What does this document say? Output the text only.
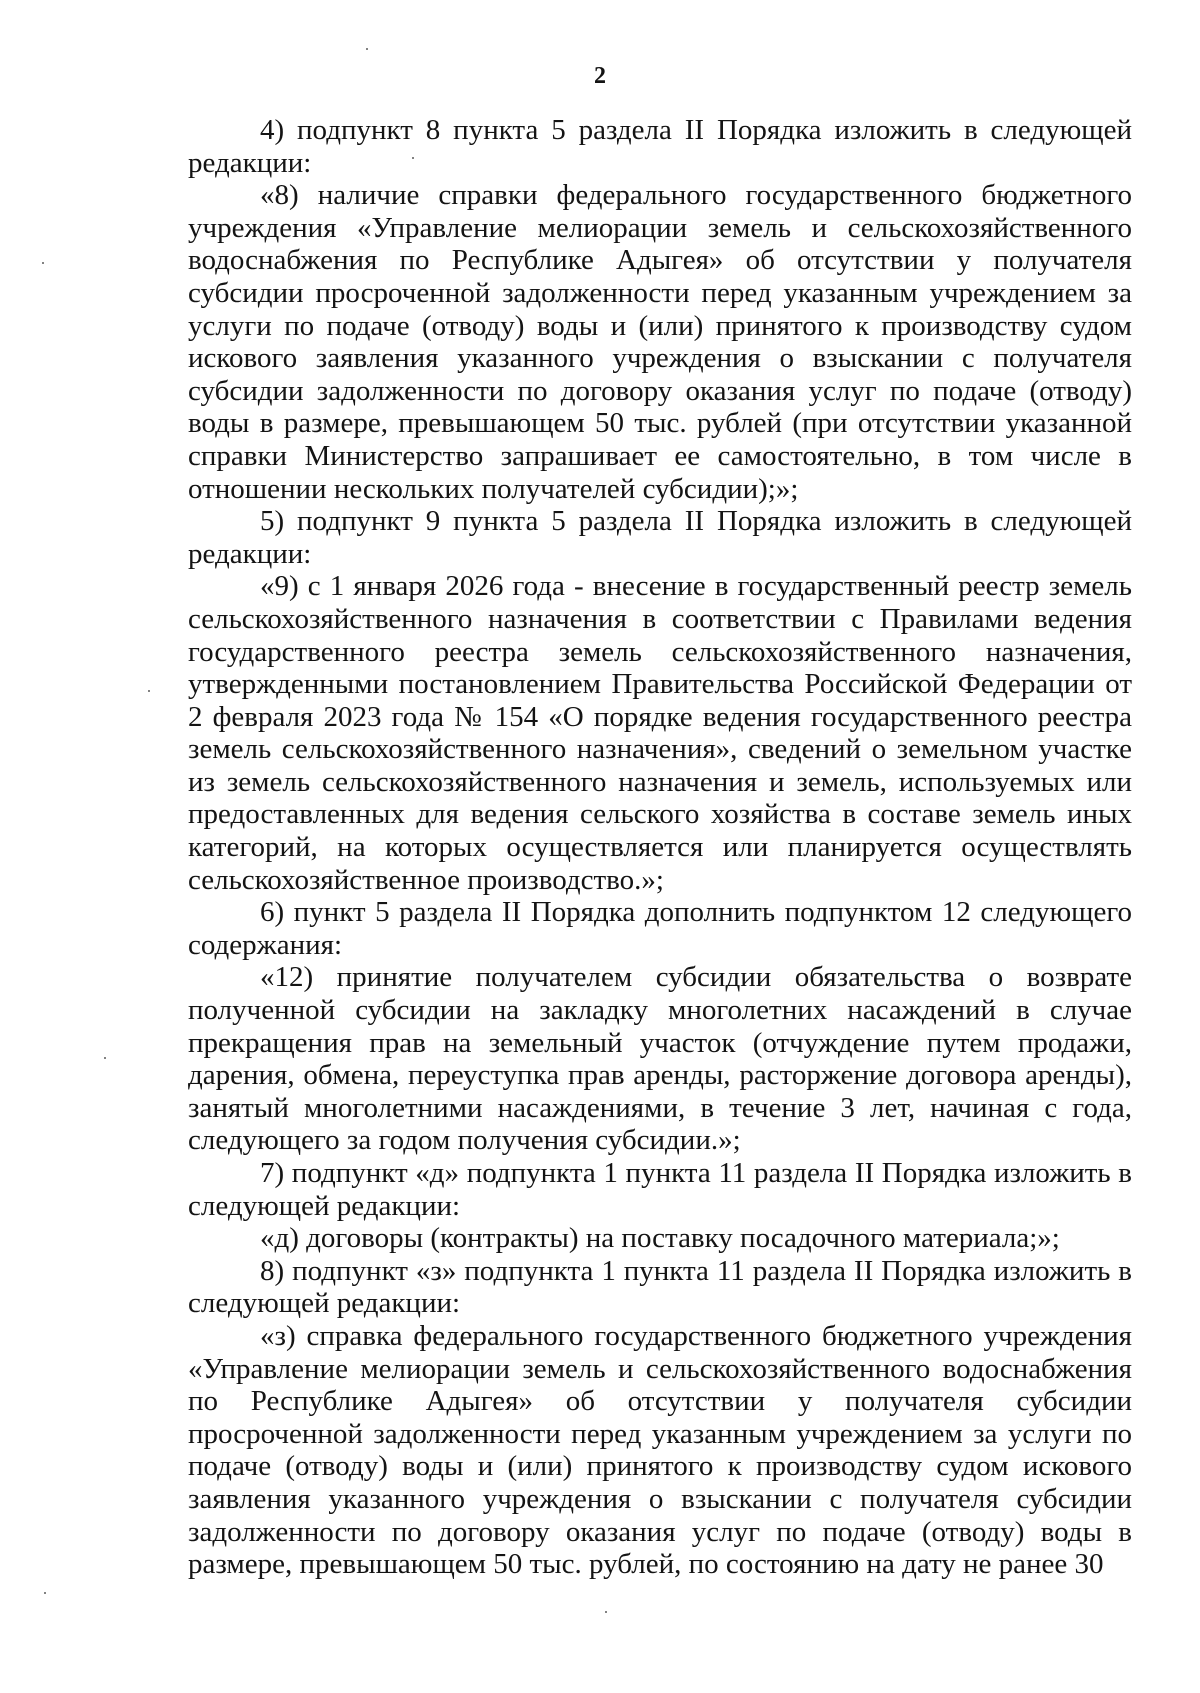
2

4) подпункт 8 пункта 5 раздела II Порядка изложить в следующей редакции:

«8) наличие справки федерального государственного бюджетного учреждения «Управление мелиорации земель и сельскохозяйственного водоснабжения по Республике Адыгея» об отсутствии у получателя субсидии просроченной задолженности перед указанным учреждением за услуги по подаче (отводу) воды и (или) принятого к производству судом искового заявления указанного учреждения о взыскании с получателя субсидии задолженности по договору оказания услуг по подаче (отводу) воды в размере, превышающем 50 тыс. рублей (при отсутствии указанной справки Министерство запрашивает ее самостоятельно, в том числе в отношении нескольких получателей субсидии);»;

5) подпункт 9 пункта 5 раздела II Порядка изложить в следующей редакции:

«9) с 1 января 2026 года - внесение в государственный реестр земель сельскохозяйственного назначения в соответствии с Правилами ведения государственного реестра земель сельскохозяйственного назначения, утвержденными постановлением Правительства Российской Федерации от 2 февраля 2023 года № 154 «О порядке ведения государственного реестра земель сельскохозяйственного назначения», сведений о земельном участке из земель сельскохозяйственного назначения и земель, используемых или предоставленных для ведения сельского хозяйства в составе земель иных категорий, на которых осуществляется или планируется осуществлять сельскохозяйственное производство.»;

6) пункт 5 раздела II Порядка дополнить подпунктом 12 следующего содержания:

«12) принятие получателем субсидии обязательства о возврате полученной субсидии на закладку многолетних насаждений в случае прекращения прав на земельный участок (отчуждение путем продажи, дарения, обмена, переуступка прав аренды, расторжение договора аренды), занятый многолетними насаждениями, в течение 3 лет, начиная с года, следующего за годом получения субсидии.»;

7) подпункт «д» подпункта 1 пункта 11 раздела II Порядка изложить в следующей редакции:

«д) договоры (контракты) на поставку посадочного материала;»;

8) подпункт «з» подпункта 1 пункта 11 раздела II Порядка изложить в следующей редакции:

«з) справка федерального государственного бюджетного учреждения «Управление мелиорации земель и сельскохозяйственного водоснабжения по Республике Адыгея» об отсутствии у получателя субсидии просроченной задолженности перед указанным учреждением за услуги по подаче (отводу) воды и (или) принятого к производству судом искового заявления указанного учреждения о взыскании с получателя субсидии задолженности по договору оказания услуг по подаче (отводу) воды в размере, превышающем 50 тыс. рублей, по состоянию на дату не ранее 30
